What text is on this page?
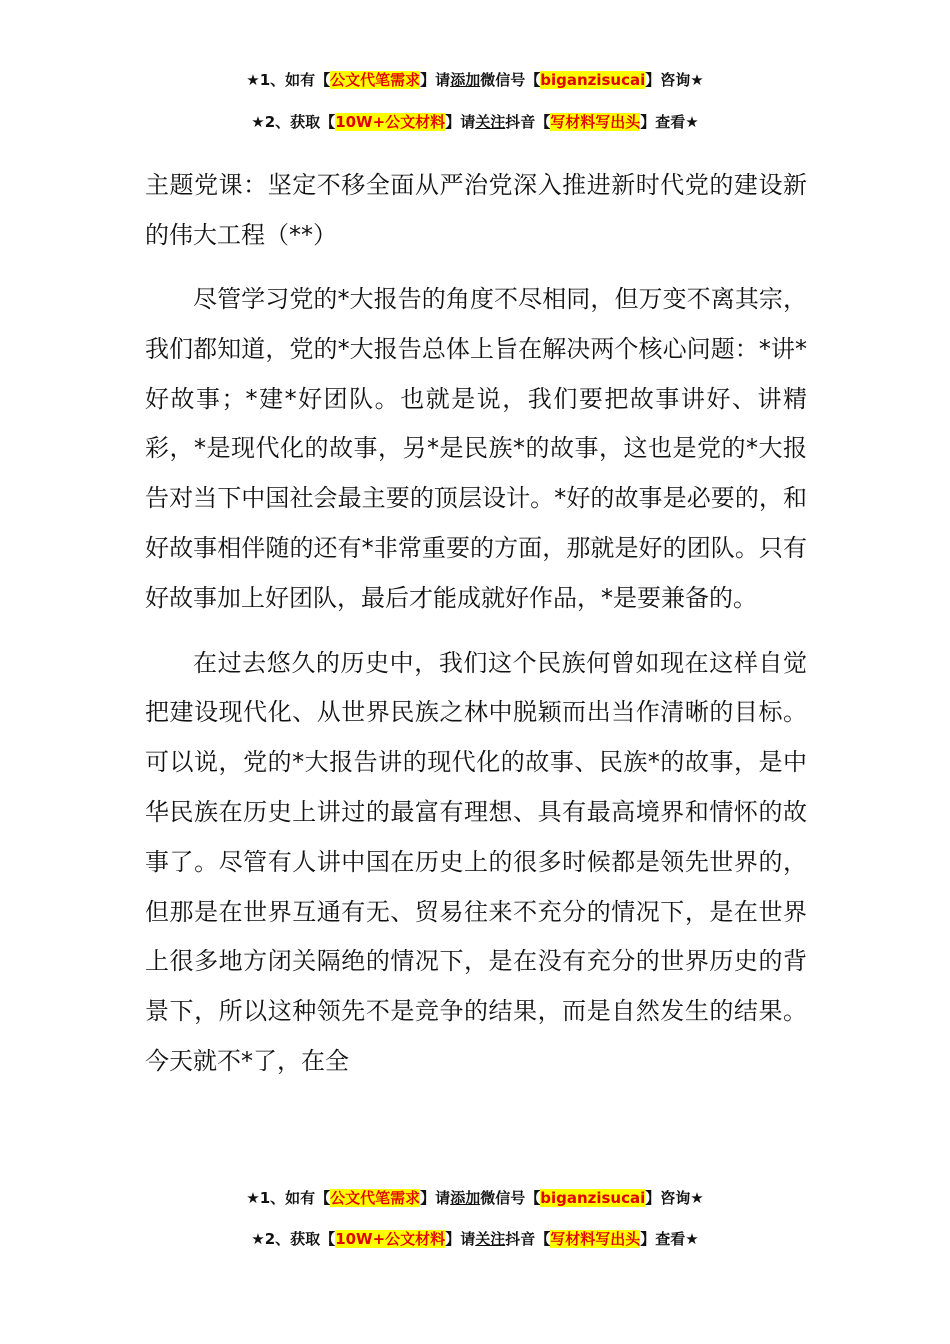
★1、如有【公文代笔需求】请添加微信号【biganzisucai】咨询★
★2、获取【10W+公文材料】请关注抖音【写材料写出头】查看★
主题党课：坚定不移全面从严治党深入推进新时代党的建设新的伟大工程（**）

尽管学习党的*大报告的角度不尽相同，但万变不离其宗，我们都知道，党的*大报告总体上旨在解决两个核心问题：*讲*好故事；*建*好团队。也就是说，我们要把故事讲好、讲精彩，*是现代化的故事，另*是民族*的故事，这也是党的*大报告对当下中国社会最主要的顶层设计。*好的故事是必要的，和好故事相伴随的还有*非常重要的方面，那就是好的团队。只有好故事加上好团队，最后才能成就好作品，*是要兼备的。

在过去悠久的历史中，我们这个民族何曾如现在这样自觉把建设现代化、从世界民族之林中脱颖而出当作清晰的目标。可以说，党的*大报告讲的现代化的故事、民族*的故事，是中华民族在历史上讲过的最富有理想、具有最高境界和情怀的故事了。尽管有人讲中国在历史上的很多时候都是领先世界的，但那是在世界互通有无、贸易往来不充分的情况下，是在世界上很多地方闭关隔绝的情况下，是在没有充分的世界历史的背景下，所以这种领先不是竞争的结果，而是自然发生的结果。今天就不*了，在全

★1、如有【公文代笔需求】请添加微信号【biganzisucai】咨询★
★2、获取【10W+公文材料】请关注抖音【写材料写出头】查看★
